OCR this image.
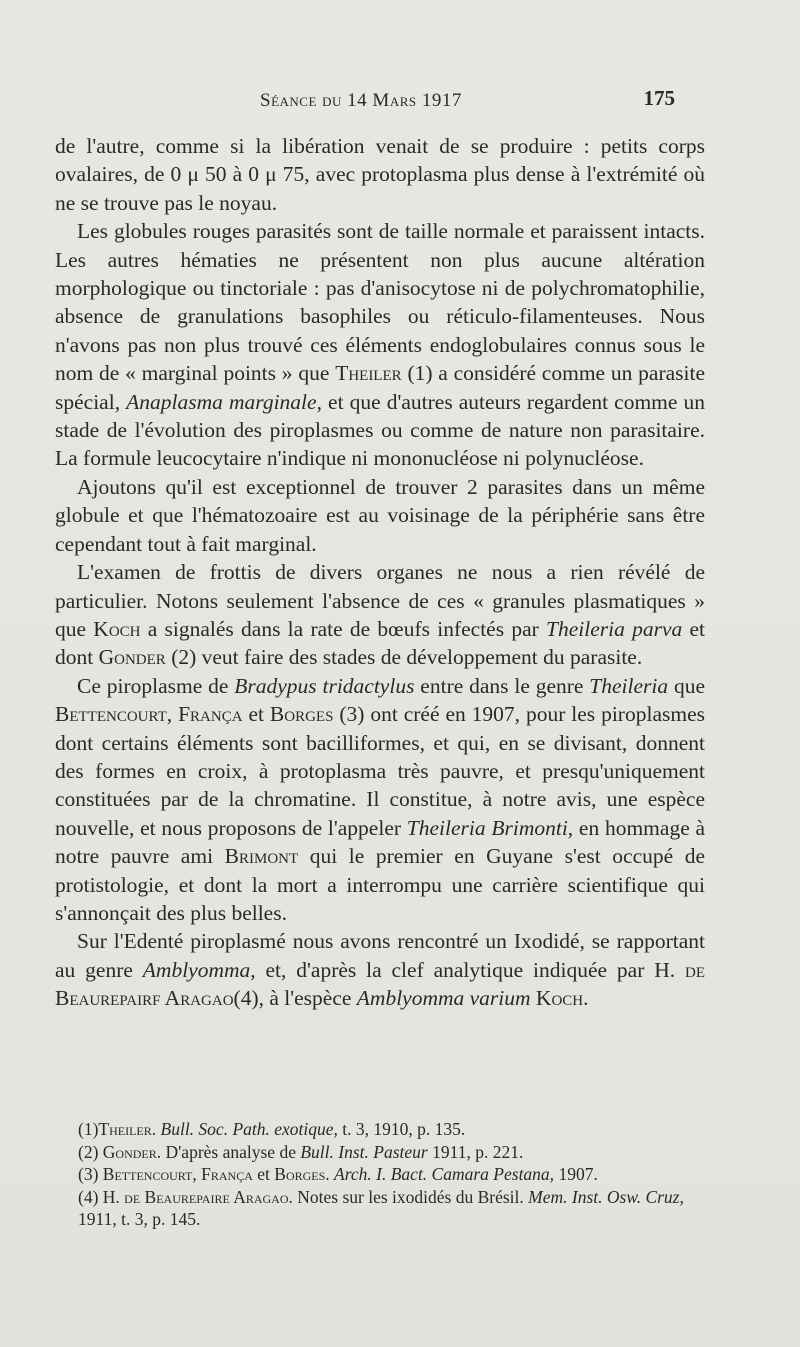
Séance du 14 Mars 1917	175

de l'autre, comme si la libération venait de se produire : petits corps ovalaires, de 0 μ 50 à 0 μ 75, avec protoplasma plus dense à l'extrémité où ne se trouve pas le noyau.

Les globules rouges parasités sont de taille normale et paraissent intacts. Les autres hématies ne présentent non plus aucune altération morphologique ou tinctoriale : pas d'anisocytose ni de polychromatophilie, absence de granulations basophiles ou réticulo-filamenteuses. Nous n'avons pas non plus trouvé ces éléments endoglobulaires connus sous le nom de « marginal points » que Theiler (1) a considéré comme un parasite spécial, Anaplasma marginale, et que d'autres auteurs regardent comme un stade de l'évolution des piroplasmes ou comme de nature non parasitaire. La formule leucocytaire n'indique ni mononucléose ni polynucléose.

Ajoutons qu'il est exceptionnel de trouver 2 parasites dans un même globule et que l'hématozoaire est au voisinage de la périphérie sans être cependant tout à fait marginal.

L'examen de frottis de divers organes ne nous a rien révélé de particulier. Notons seulement l'absence de ces « granules plasmatiques » que Koch a signalés dans la rate de bœufs infectés par Theileria parva et dont Gonder (2) veut faire des stades de développement du parasite.

Ce piroplasme de Bradypus tridactylus entre dans le genre Theileria que Bettencourt, França et Borges (3) ont créé en 1907, pour les piroplasmes dont certains éléments sont bacilliformes, et qui, en se divisant, donnent des formes en croix, à protoplasma très pauvre, et presqu'uniquement constituées par de la chromatine. Il constitue, à notre avis, une espèce nouvelle, et nous proposons de l'appeler Theileria Brimonti, en hommage à notre pauvre ami Brimont qui le premier en Guyane s'est occupé de protistologie, et dont la mort a interrompu une carrière scientifique qui s'annonçait des plus belles.

Sur l'Edenté piroplasmé nous avons rencontré un Ixodidé, se rapportant au genre Amblyomma, et, d'après la clef analytique indiquée par H. de Beaurepairf Aragao(4), à l'espèce Amblyomma varium Koch.

(1)Theiler. Bull. Soc. Path. exotique, t. 3, 1910, p. 135.

(2) Gonder. D'après analyse de Bull. Inst. Pasteur 1911, p. 221.

(3) Bettencourt, França et Borges. Arch. I. Bact. Camara Pestana, 1907.

(4) H. de Beaurepaire Aragao. Notes sur les ixodidés du Brésil. Mem. Inst. Osw. Cruz, 1911, t. 3, p. 145.
